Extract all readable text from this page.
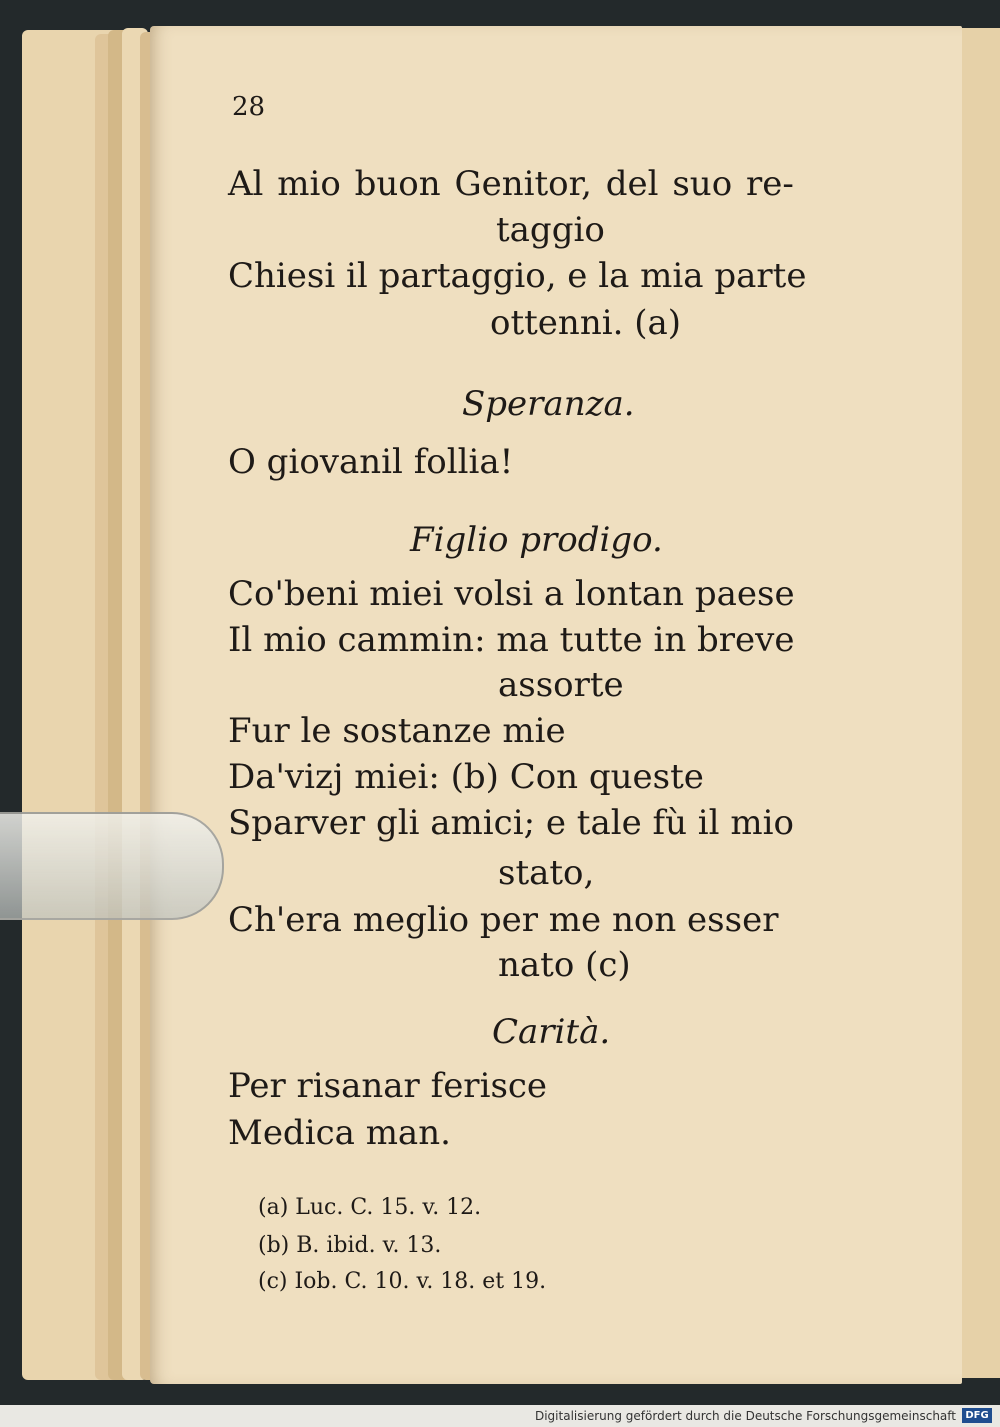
28

Al mio buon Genitor, del suo re-

taggio

Chiesi il partaggio, e la mia parte

ottenni. (a)

Speranza.

O giovanil follia!

Figlio prodigo.

Co'beni miei volsi a lontan paese

Il mio cammin: ma tutte in breve

assorte

Fur le sostanze mie

Da'vizj miei: (b) Con queste

Sparver gli amici; e tale fù il mio

stato,

Ch'era meglio per me non esser

nato (c)

Carità.

Per risanar ferisce

Medica man.

(a) Luc. C. 15. v. 12.

(b) B. ibid. v. 13.

(c) Iob. C. 10. v. 18. et 19.

Digitalisierung gefördert durch die Deutsche Forschungsgemeinschaft DFG
